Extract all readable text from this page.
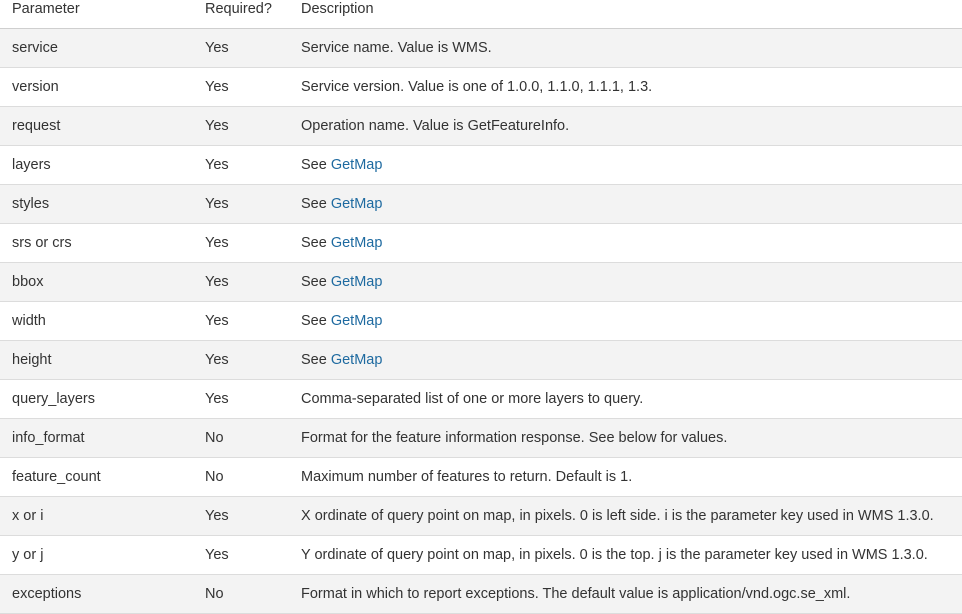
Parameter	Required?	Description
service	Yes	Service name. Value is WMS.
version	Yes	Service version. Value is one of 1.0.0, 1.1.0, 1.1.1, 1.3.
request	Yes	Operation name. Value is GetFeatureInfo.
layers	Yes	See GetMap
styles	Yes	See GetMap
srs or crs	Yes	See GetMap
bbox	Yes	See GetMap
width	Yes	See GetMap
height	Yes	See GetMap
query_layers	Yes	Comma-separated list of one or more layers to query.
info_format	No	Format for the feature information response. See below for values.
feature_count	No	Maximum number of features to return. Default is 1.
x or i	Yes	X ordinate of query point on map, in pixels. 0 is left side. i is the parameter key used in WMS 1.3.0.
y or j	Yes	Y ordinate of query point on map, in pixels. 0 is the top. j is the parameter key used in WMS 1.3.0.
exceptions	No	Format in which to report exceptions. The default value is application/vnd.ogc.se_xml.
